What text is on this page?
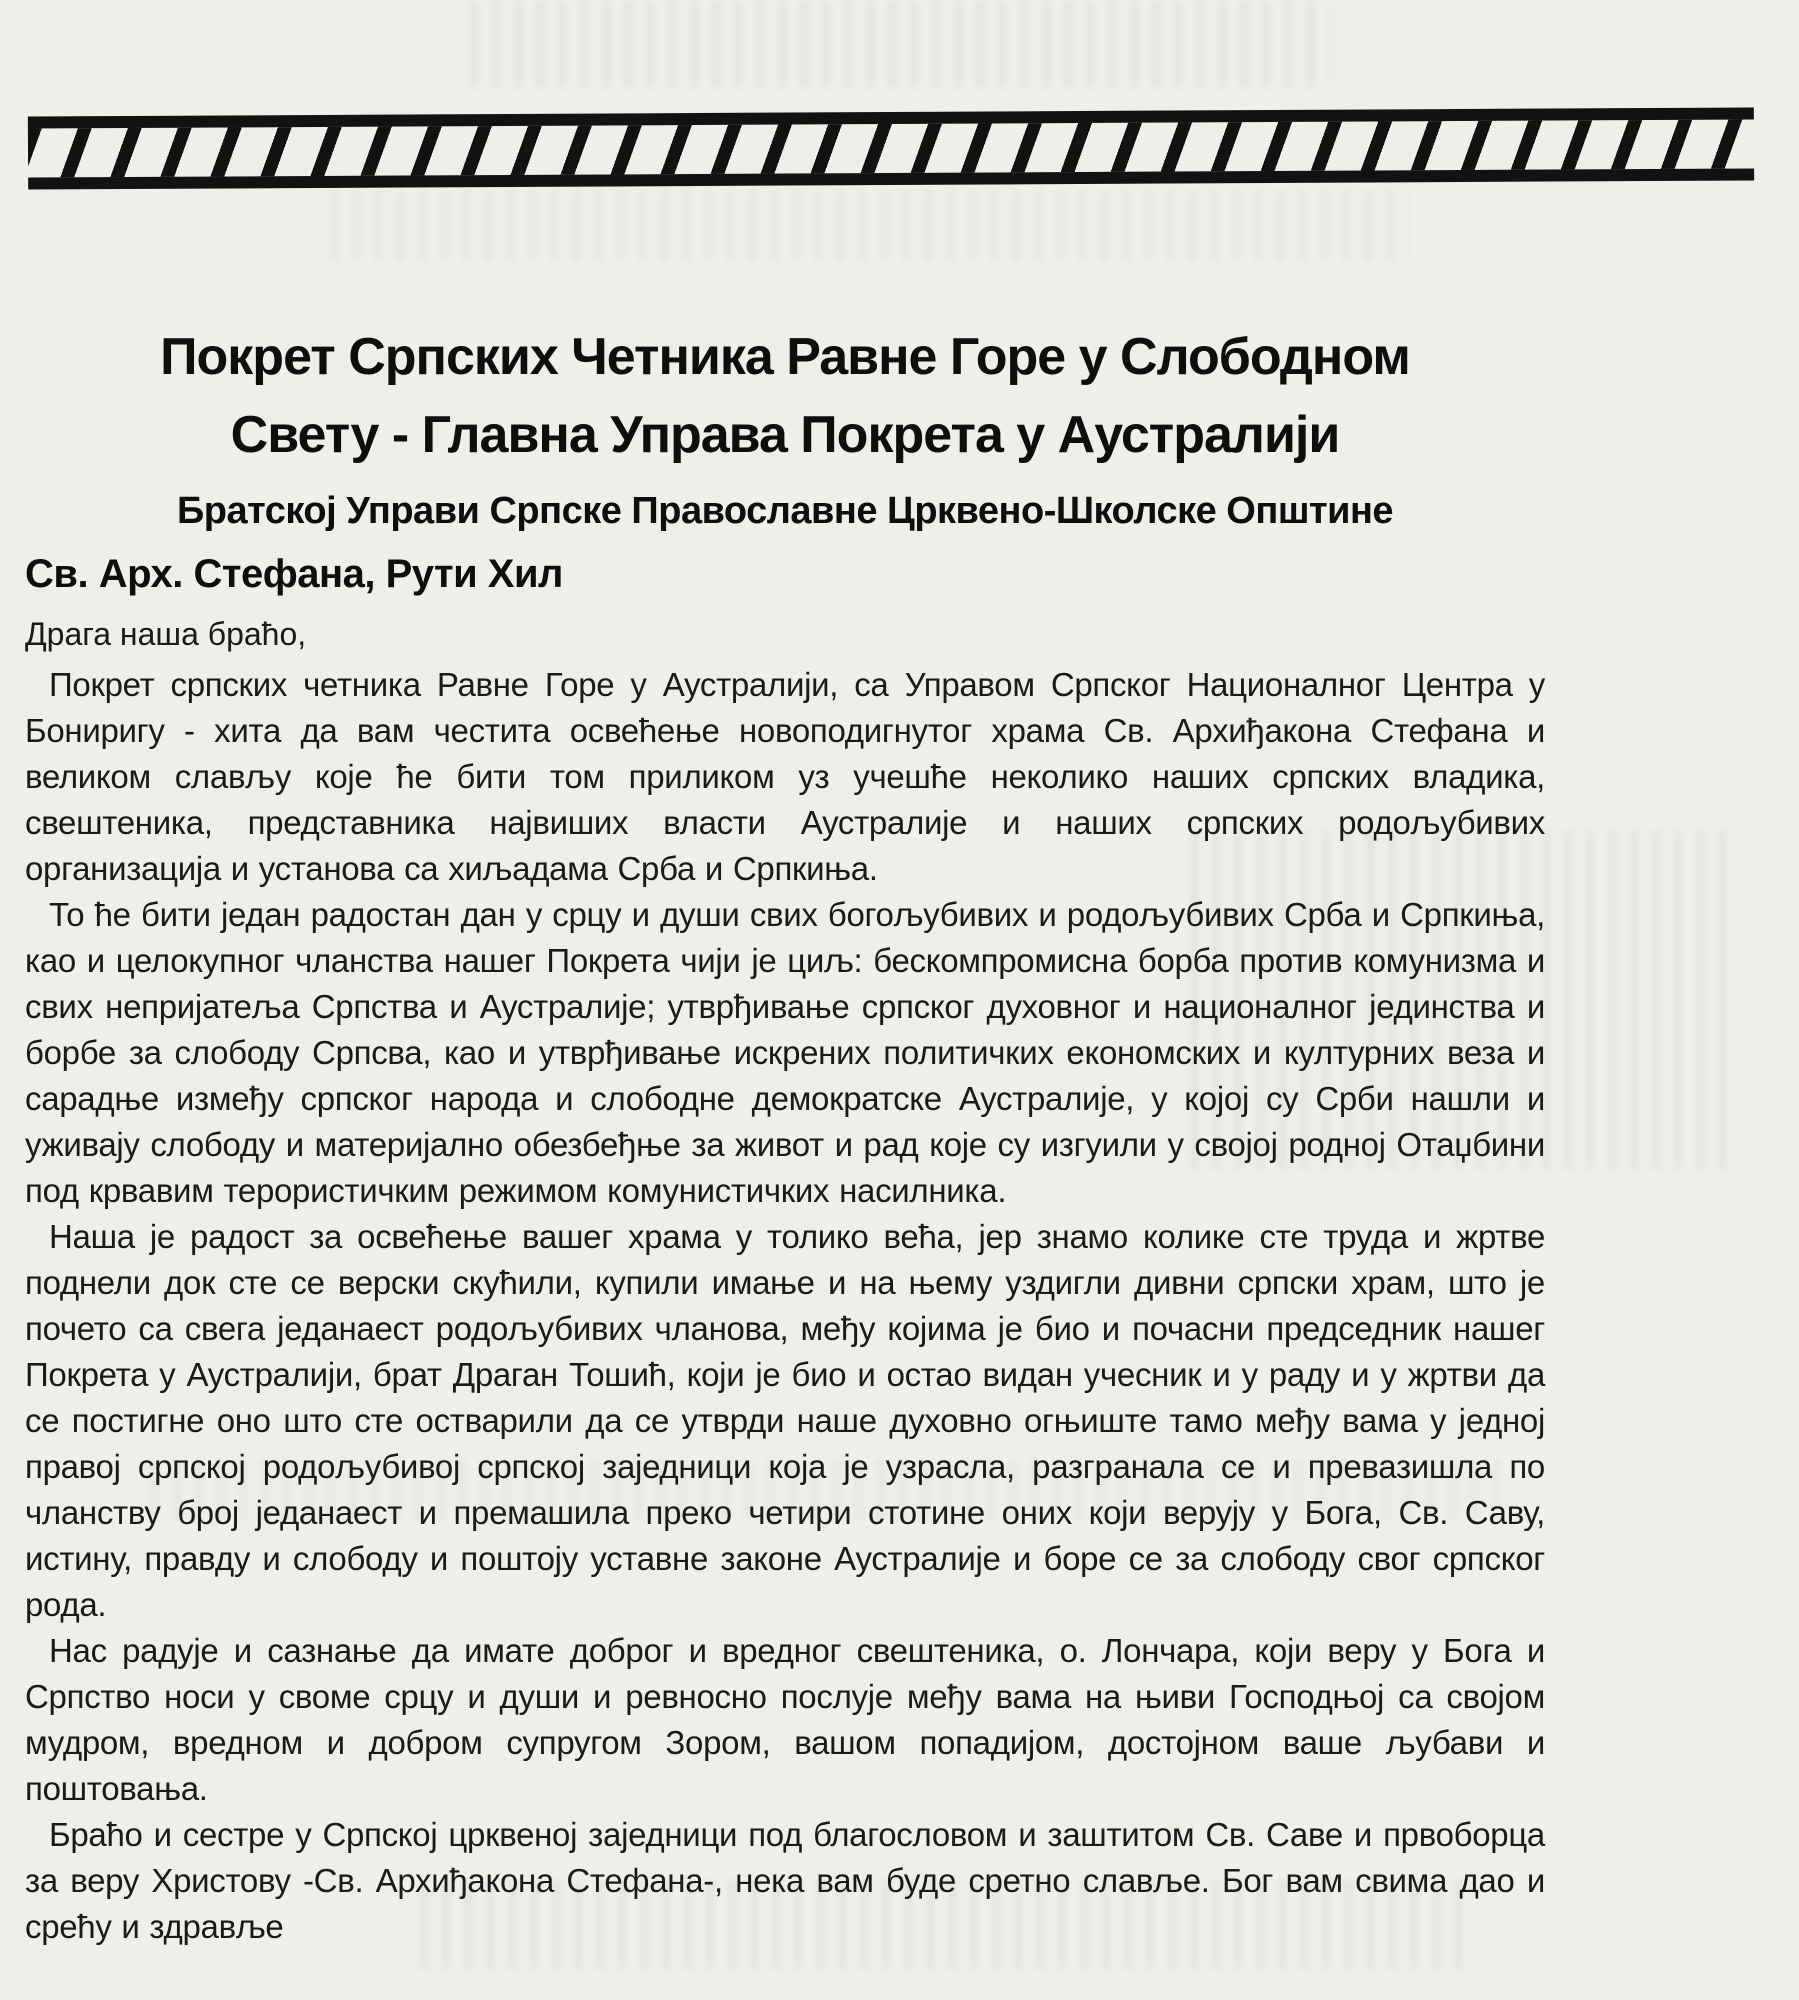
Покрет Српских Четника Равне Горе у Слободном
Свету - Главна Управа Покрета у Аустралији
Братској Управи Српске Православне Црквено-Школске Општине
Св. Арх. Стефана, Рути Хил

Драга наша браћо,

Покрет српских четника Равне Горе у Аустралији, са Управом Српског Националног Центра у Бониригу - хита да вам честита освећење новоподигнутог храма Св. Архиђакона Стефана и великом слављу које ће бити том приликом уз учешће неколико наших српских владика, свештеника, представника највиших власти Аустралије и наших српских родољубивих организација и установа са хиљадама Срба и Српкиња.

То ће бити један радостан дан у срцу и души свих богољубивих и родољубивих Срба и Српкиња, као и целокупног чланства нашег Покрета чији је циљ: бескомпромисна борба против комунизма и свих непријатеља Српства и Аустралије; утврђивање српског духовног и националног јединства и борбе за слободу Српсва, као и утврђивање искрених политичких економских и културних веза и сарадње између српског народа и слободне демократске Аустралије, у којој су Срби нашли и уживају слободу и материјално обезбеђње за живот и рад које су изгуили у својој родној Отаџбини под крвавим терористичким режимом комунистичких насилника.

Наша је радост за освећење вашег храма у толико већа, јер знамо колике сте труда и жртве поднели док сте се верски скућили, купили имање и на њему уздигли дивни српски храм, што је почето са свега једанаест родољубивих чланова, међу којима је био и почасни председник нашег Покрета у Аустралији, брат Драган Тошић, који је био и остао видан учесник и у раду и у жртви да се постигне оно што сте остварили да се утврди наше духовно огњиште тамо међу вама у једној правој српској родољубивој српској заједници која је узрасла, разгранала се и превазишла по чланству број једанаест и премашила преко четири стотине оних који верују у Бога, Св. Саву, истину, правду и слободу и поштоју уставне законе Аустралије и боре се за слободу свог српског рода.

Нас радује и сазнање да имате доброг и вредног свештеника, о. Лончара, који веру у Бога и Српство носи у своме срцу и души и ревносно послује међу вама на њиви Господњој са својом мудром, вредном и добром супругом Зором, вашом попадијом, достојном ваше љубави и поштовања.

Браћо и сестре у Српској црквеној заједници под благословом и заштитом Св. Саве и првоборца за веру Христову -Св. Архиђакона Стефана-, нека вам буде сретно славље. Бог вам свима дао и срећу и здравље
